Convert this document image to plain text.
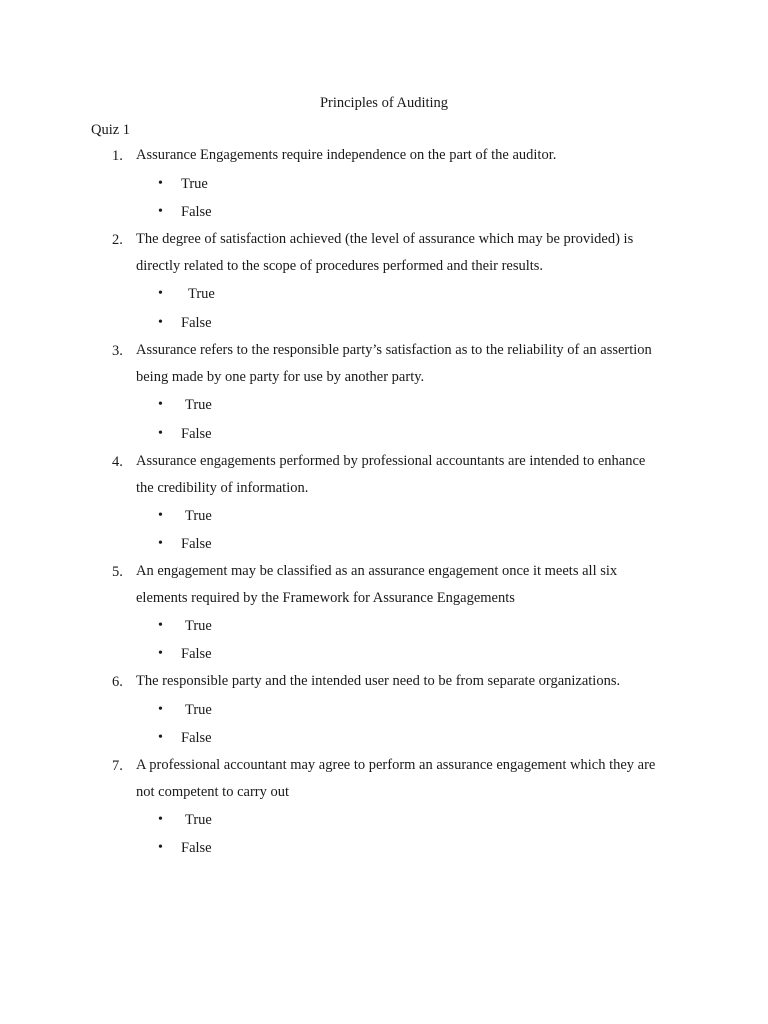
Principles of Auditing
Quiz 1
1. Assurance Engagements require independence on the part of the auditor.
• True
• False
2. The degree of satisfaction achieved (the level of assurance which may be provided) is
directly related to the scope of procedures performed and their results.
• True
• False
3. Assurance refers to the responsible party’s satisfaction as to the reliability of an assertion
being made by one party for use by another party.
• True
• False
4. Assurance engagements performed by professional accountants are intended to enhance
the credibility of information.
• True
• False
5. An engagement may be classified as an assurance engagement once it meets all six
elements required by the Framework for Assurance Engagements
• True
• False
6. The responsible party and the intended user need to be from separate organizations.
• True
• False
7. A professional accountant may agree to perform an assurance engagement which they are
not competent to carry out
• True
• False
